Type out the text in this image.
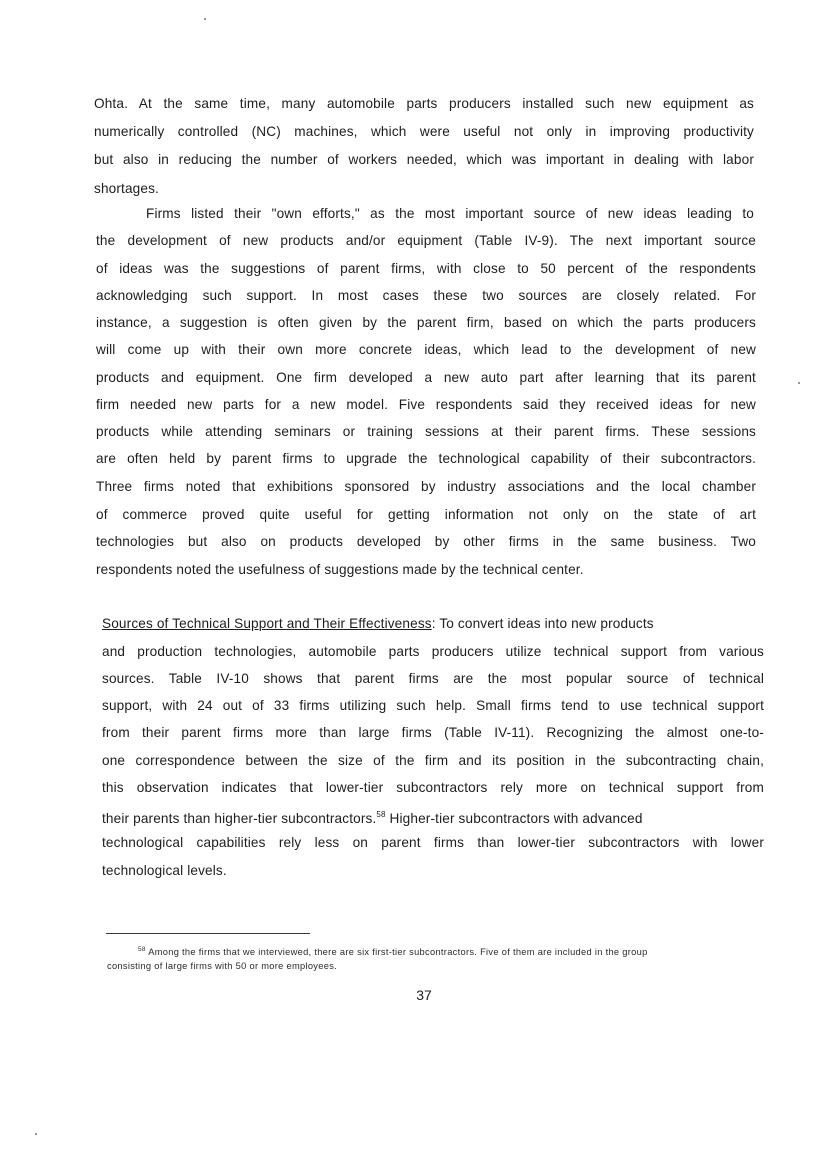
Ohta. At the same time, many automobile parts producers installed such new equipment as
numerically controlled (NC) machines, which were useful not only in improving productivity
but also in reducing the number of workers needed, which was important in dealing with labor
shortages.
Firms listed their "own efforts," as the most important source of new ideas leading to
the development of new products and/or equipment (Table IV-9). The next important source
of ideas was the suggestions of parent firms, with close to 50 percent of the respondents
acknowledging such support. In most cases these two sources are closely related. For
instance, a suggestion is often given by the parent firm, based on which the parts producers
will come up with their own more concrete ideas, which lead to the development of new
products and equipment. One firm developed a new auto part after learning that its parent
firm needed new parts for a new model. Five respondents said they received ideas for new
products while attending seminars or training sessions at their parent firms. These sessions
are often held by parent firms to upgrade the technological capability of their subcontractors.
Three firms noted that exhibitions sponsored by industry associations and the local chamber
of commerce proved quite useful for getting information not only on the state of art
technologies but also on products developed by other firms in the same business. Two
respondents noted the usefulness of suggestions made by the technical center.
Sources of Technical Support and Their Effectiveness: To convert ideas into new products
and production technologies, automobile parts producers utilize technical support from various
sources. Table IV-10 shows that parent firms are the most popular source of technical
support, with 24 out of 33 firms utilizing such help. Small firms tend to use technical support
from their parent firms more than large firms (Table IV-11). Recognizing the almost one-to-
one correspondence between the size of the firm and its position in the subcontracting chain,
this observation indicates that lower-tier subcontractors rely more on technical support from
their parents than higher-tier subcontractors.$^{58}$ Higher-tier subcontractors with advanced
technological capabilities rely less on parent firms than lower-tier subcontractors with lower
technological levels.
$^{58}$ Among the firms that we interviewed, there are six first-tier subcontractors. Five of them are included in the group
consisting of large firms with 50 or more employees.
37
